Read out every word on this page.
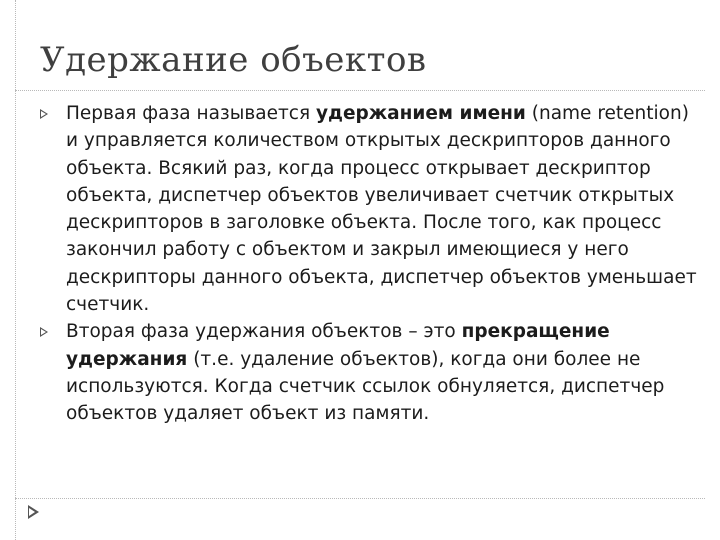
Удержание объектов
Первая фаза называется удержанием имени (name retention) и управляется количеством открытых дескрипторов данного объекта. Всякий раз, когда процесс открывает дескриптор объекта, диспетчер объектов увеличивает счетчик открытых дескрипторов в заголовке объекта. После того, как процесс закончил работу с объектом и закрыл имеющиеся у него дескрипторы данного объекта, диспетчер объектов уменьшает счетчик.
Вторая фаза удержания объектов – это прекращение удержания (т.е. удаление объектов), когда они более не используются. Когда счетчик ссылок обнуляется, диспетчер объектов удаляет объект из памяти.
